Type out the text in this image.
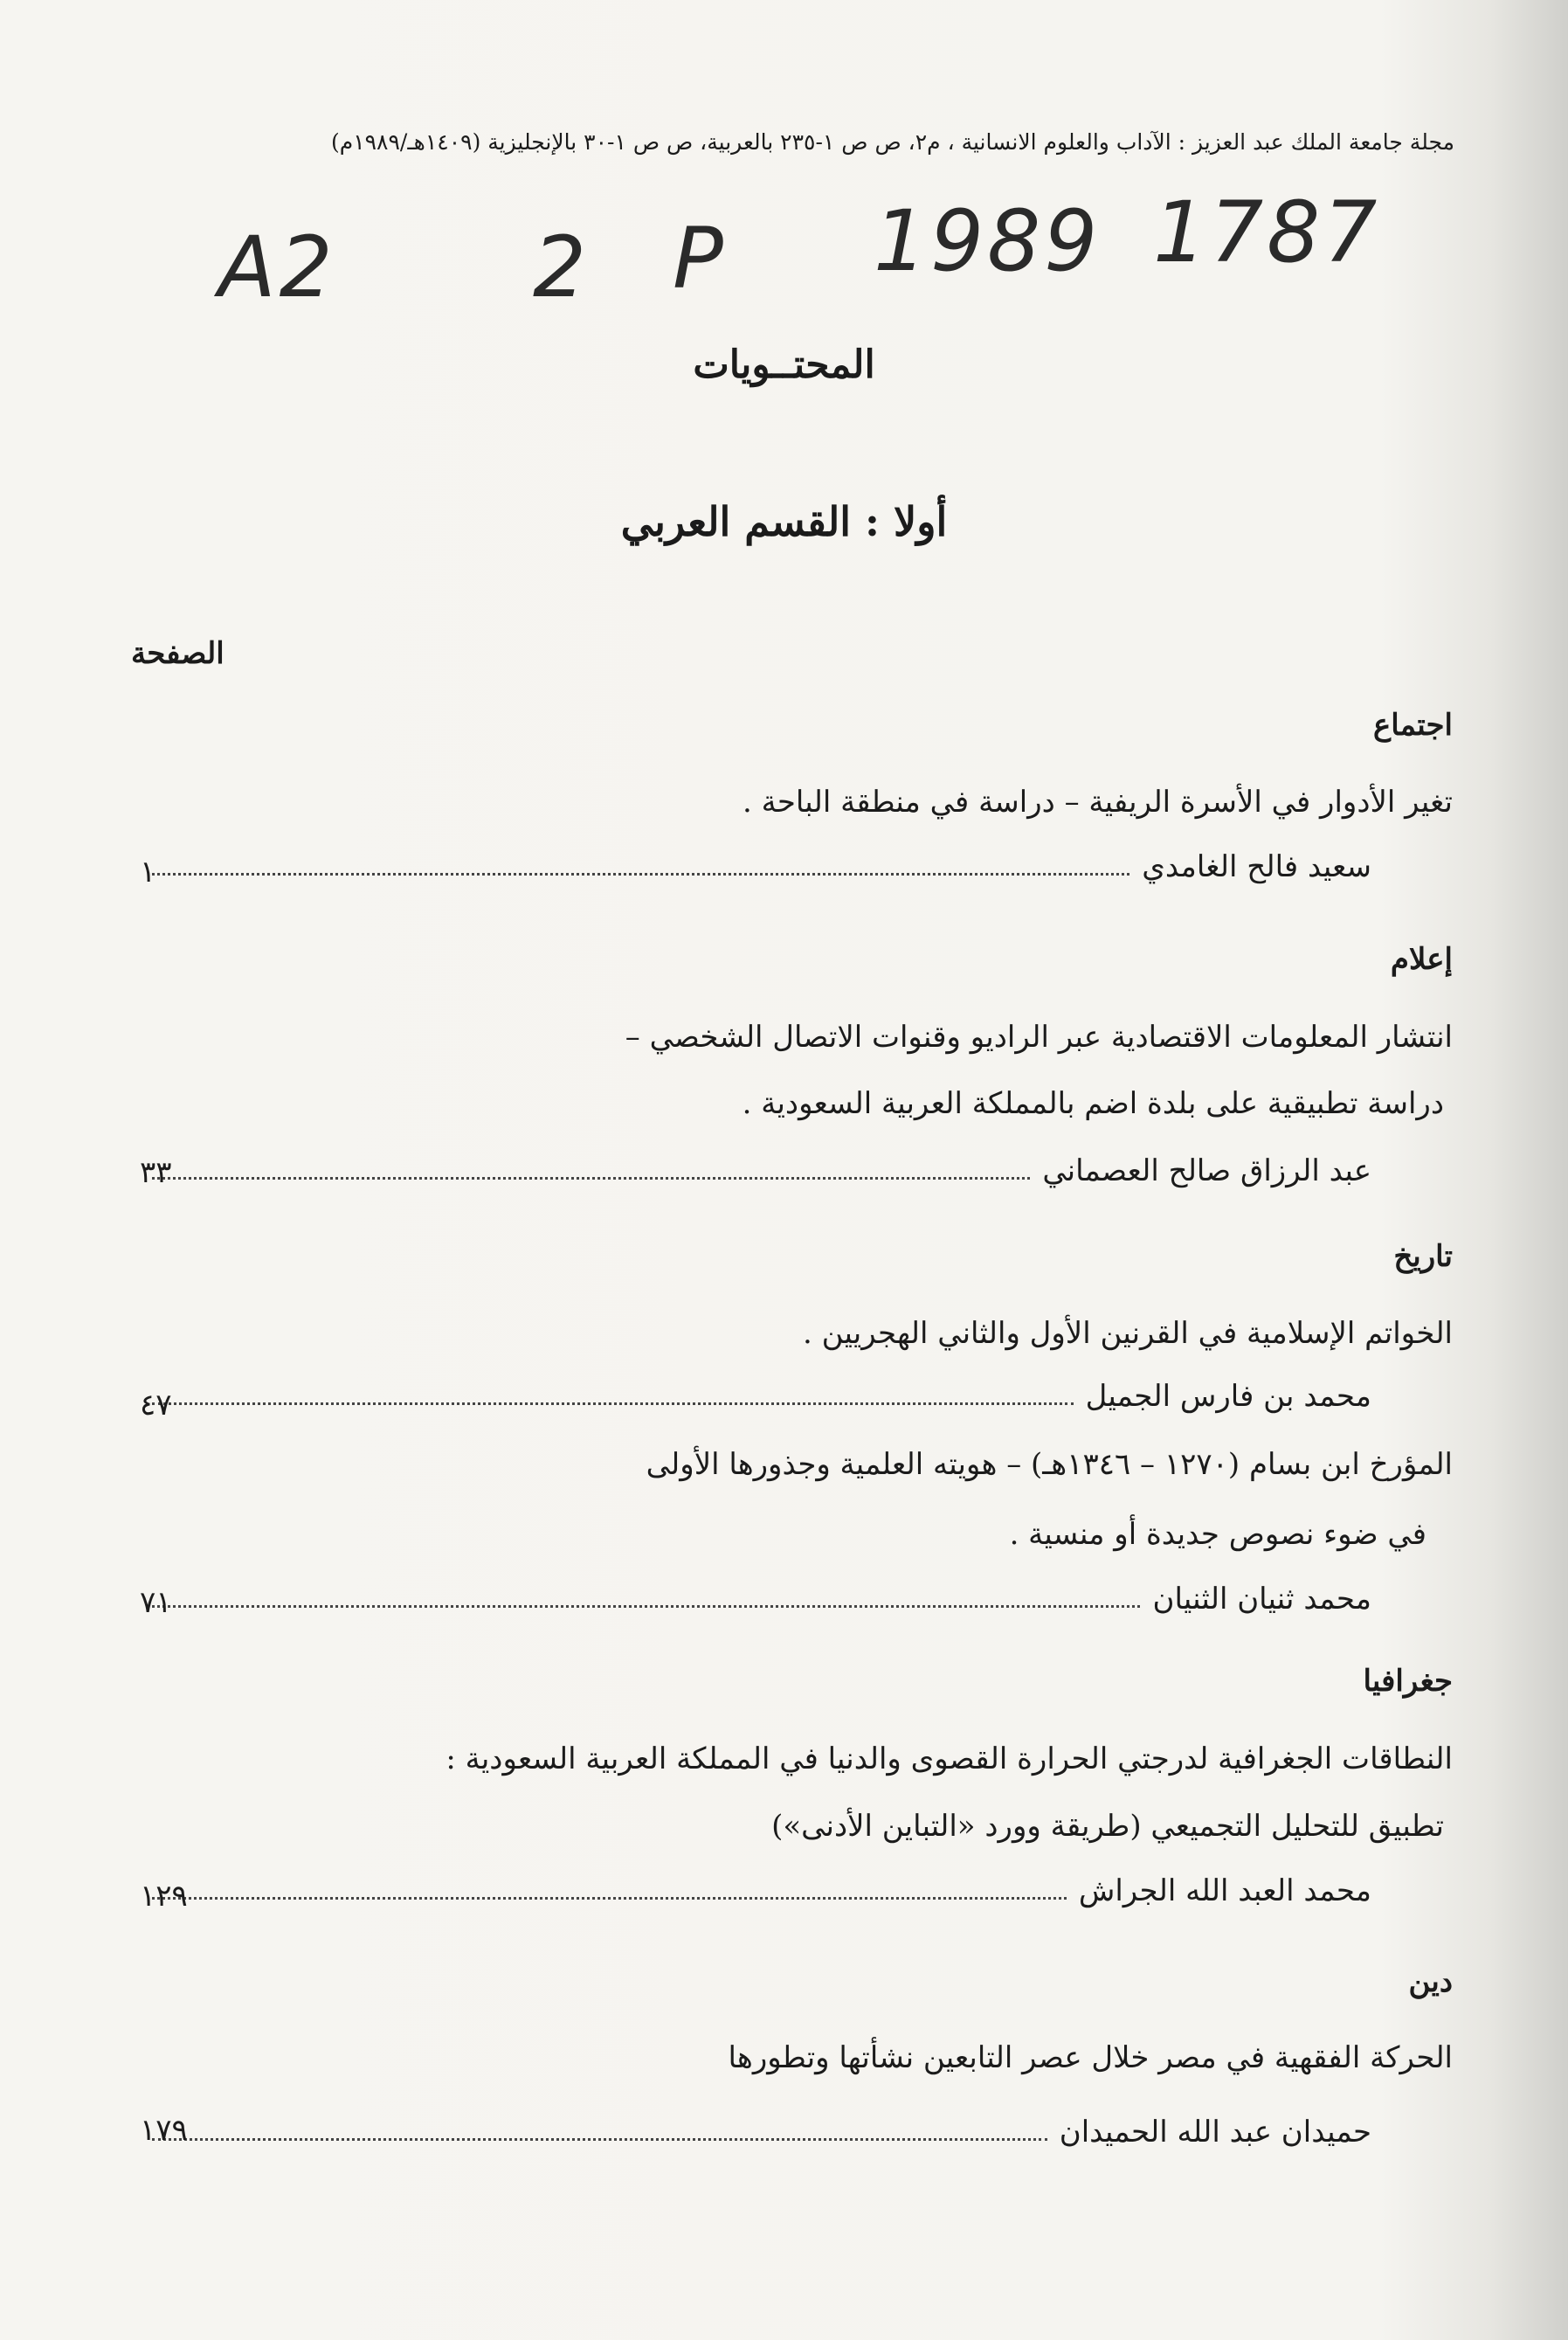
مجلة جامعة الملك عبد العزيز : الآداب والعلوم الانسانية ، م٢، ص ص ١-٢٣٥ بالعربية، ص ص ١-٣٠ بالإنجليزية (١٤٠٩هـ/١٩٨٩م)
A2 2 P 1989 1787
المحتــويات
أولا : القسم العربي
الصفحة
اجتماع
تغير الأدوار في الأسرة الريفية – دراسة في منطقة الباحة .
سعيد فالح الغامدي
١
إعلام
انتشار المعلومات الاقتصادية عبر الراديو وقنوات الاتصال الشخصي –
دراسة تطبيقية على بلدة اضم بالمملكة العربية السعودية .
عبد الرزاق صالح العصماني
٣٣
تاريخ
الخواتم الإسلامية في القرنين الأول والثاني الهجريين .
محمد بن فارس الجميل
٤٧
المؤرخ ابن بسام (١٢٧٠ – ١٣٤٦هـ) – هويته العلمية وجذورها الأولى
في ضوء نصوص جديدة أو منسية .
محمد ثنيان الثنيان
٧١
جغرافيا
النطاقات الجغرافية لدرجتي الحرارة القصوى والدنيا في المملكة العربية السعودية :
تطبيق للتحليل التجميعي (طريقة وورد «التباين الأدنى»)
محمد العبد الله الجراش
١٢٩
دين
الحركة الفقهية في مصر خلال عصر التابعين نشأتها وتطورها
حميدان عبد الله الحميدان
١٧٩
